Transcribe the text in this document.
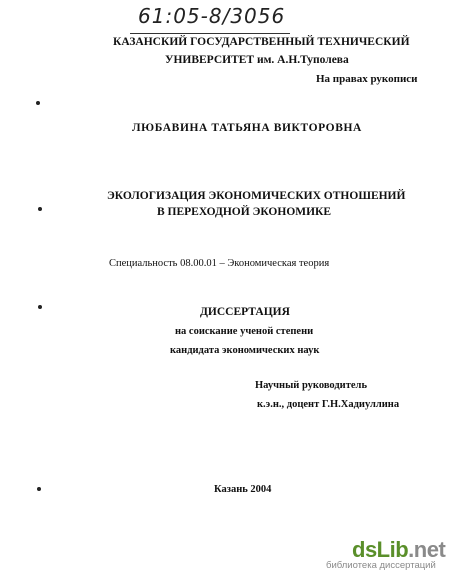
61:05-8/3056
КАЗАНСКИЙ ГОСУДАРСТВЕННЫЙ ТЕХНИЧЕСКИЙ
УНИВЕРСИТЕТ им. А.Н.Туполева
На правах рукописи
ЛЮБАВИНА ТАТЬЯНА ВИКТОРОВНА
ЭКОЛОГИЗАЦИЯ ЭКОНОМИЧЕСКИХ ОТНОШЕНИЙ
В ПЕРЕХОДНОЙ ЭКОНОМИКЕ
Специальность 08.00.01 – Экономическая теория
ДИССЕРТАЦИЯ
на соискание ученой степени
кандидата экономических наук
Научный руководитель
к.э.н., доцент Г.Н.Хадиуллина
Казань 2004
dsLib.net
библиотека диссертаций
